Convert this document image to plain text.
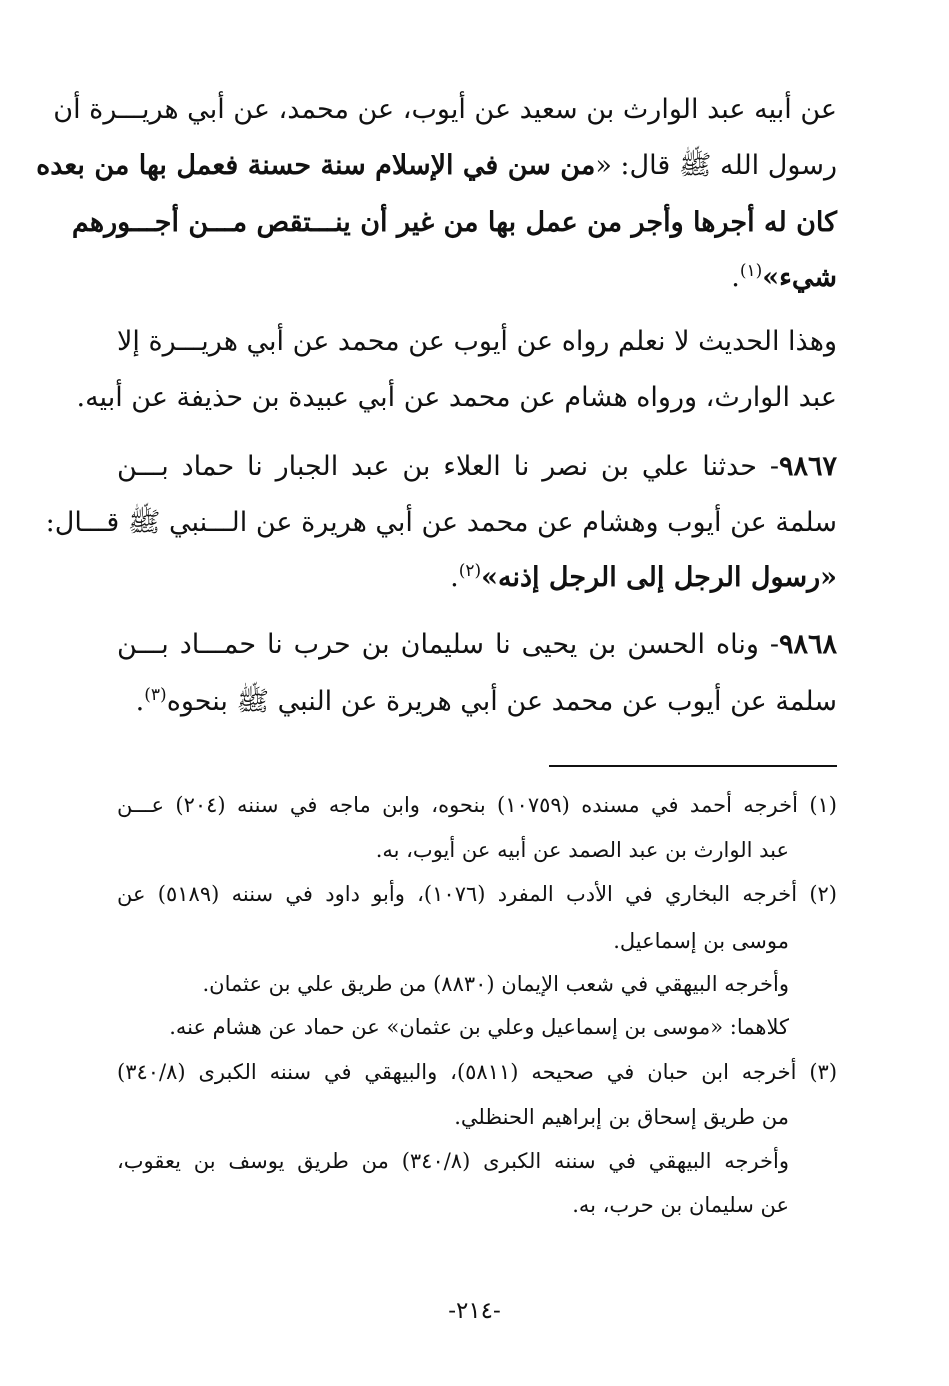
عن أبيه عبد الوارث بن سعيد عن أيوب، عن محمد، عن أبي هريـــرة أن
رسول الله ﷺ قال: «من سن في الإسلام سنة حسنة فعمل بها من بعده
كان له أجرها وأجر من عمل بها من غير أن ينـــتقص مـــن أجـــورهم
شيء»$^{(١)}$.
وهذا الحديث لا نعلم رواه عن أيوب عن محمد عن أبي هريـــرة إلا
عبد الوارث، ورواه هشام عن محمد عن أبي عبيدة بن حذيفة عن أبيه.
٩٨٦٧- حدثنا علي بن نصر نا العلاء بن عبد الجبار نا حماد بـــن
سلمة عن أيوب وهشام عن محمد عن أبي هريرة عن الـــنبي ﷺ قـــال:
«رسول الرجل إلى الرجل إذنه»$^{(٢)}$.
٩٨٦٨- وناه الحسن بن يحيى نا سليمان بن حرب نا حمـــاد بـــن
سلمة عن أيوب عن محمد عن أبي هريرة عن النبي ﷺ بنحوه$^{(٣)}$.
(١) أخرجه أحمد في مسنده (١٠٧٥٩) بنحوه، وابن ماجه في سننه (٢٠٤) عـــن
عبد الوارث بن عبد الصمد عن أبيه عن أيوب، به.
(٢) أخرجه البخاري في الأدب المفرد (١٠٧٦)، وأبو داود في سننه (٥١٨٩) عن
موسى بن إسماعيل.
وأخرجه البيهقي في شعب الإيمان (٨٨٣٠) من طريق علي بن عثمان.
كلاهما: «موسى بن إسماعيل وعلي بن عثمان» عن حماد عن هشام عنه.
(٣) أخرجه ابن حبان في صحيحه (٥٨١١)، والبيهقي في سننه الكبرى (٣٤٠/٨)
من طريق إسحاق بن إبراهيم الحنظلي.
وأخرجه البيهقي في سننه الكبرى (٣٤٠/٨) من طريق يوسف بن يعقوب،
عن سليمان بن حرب، به.
-٢١٤-
